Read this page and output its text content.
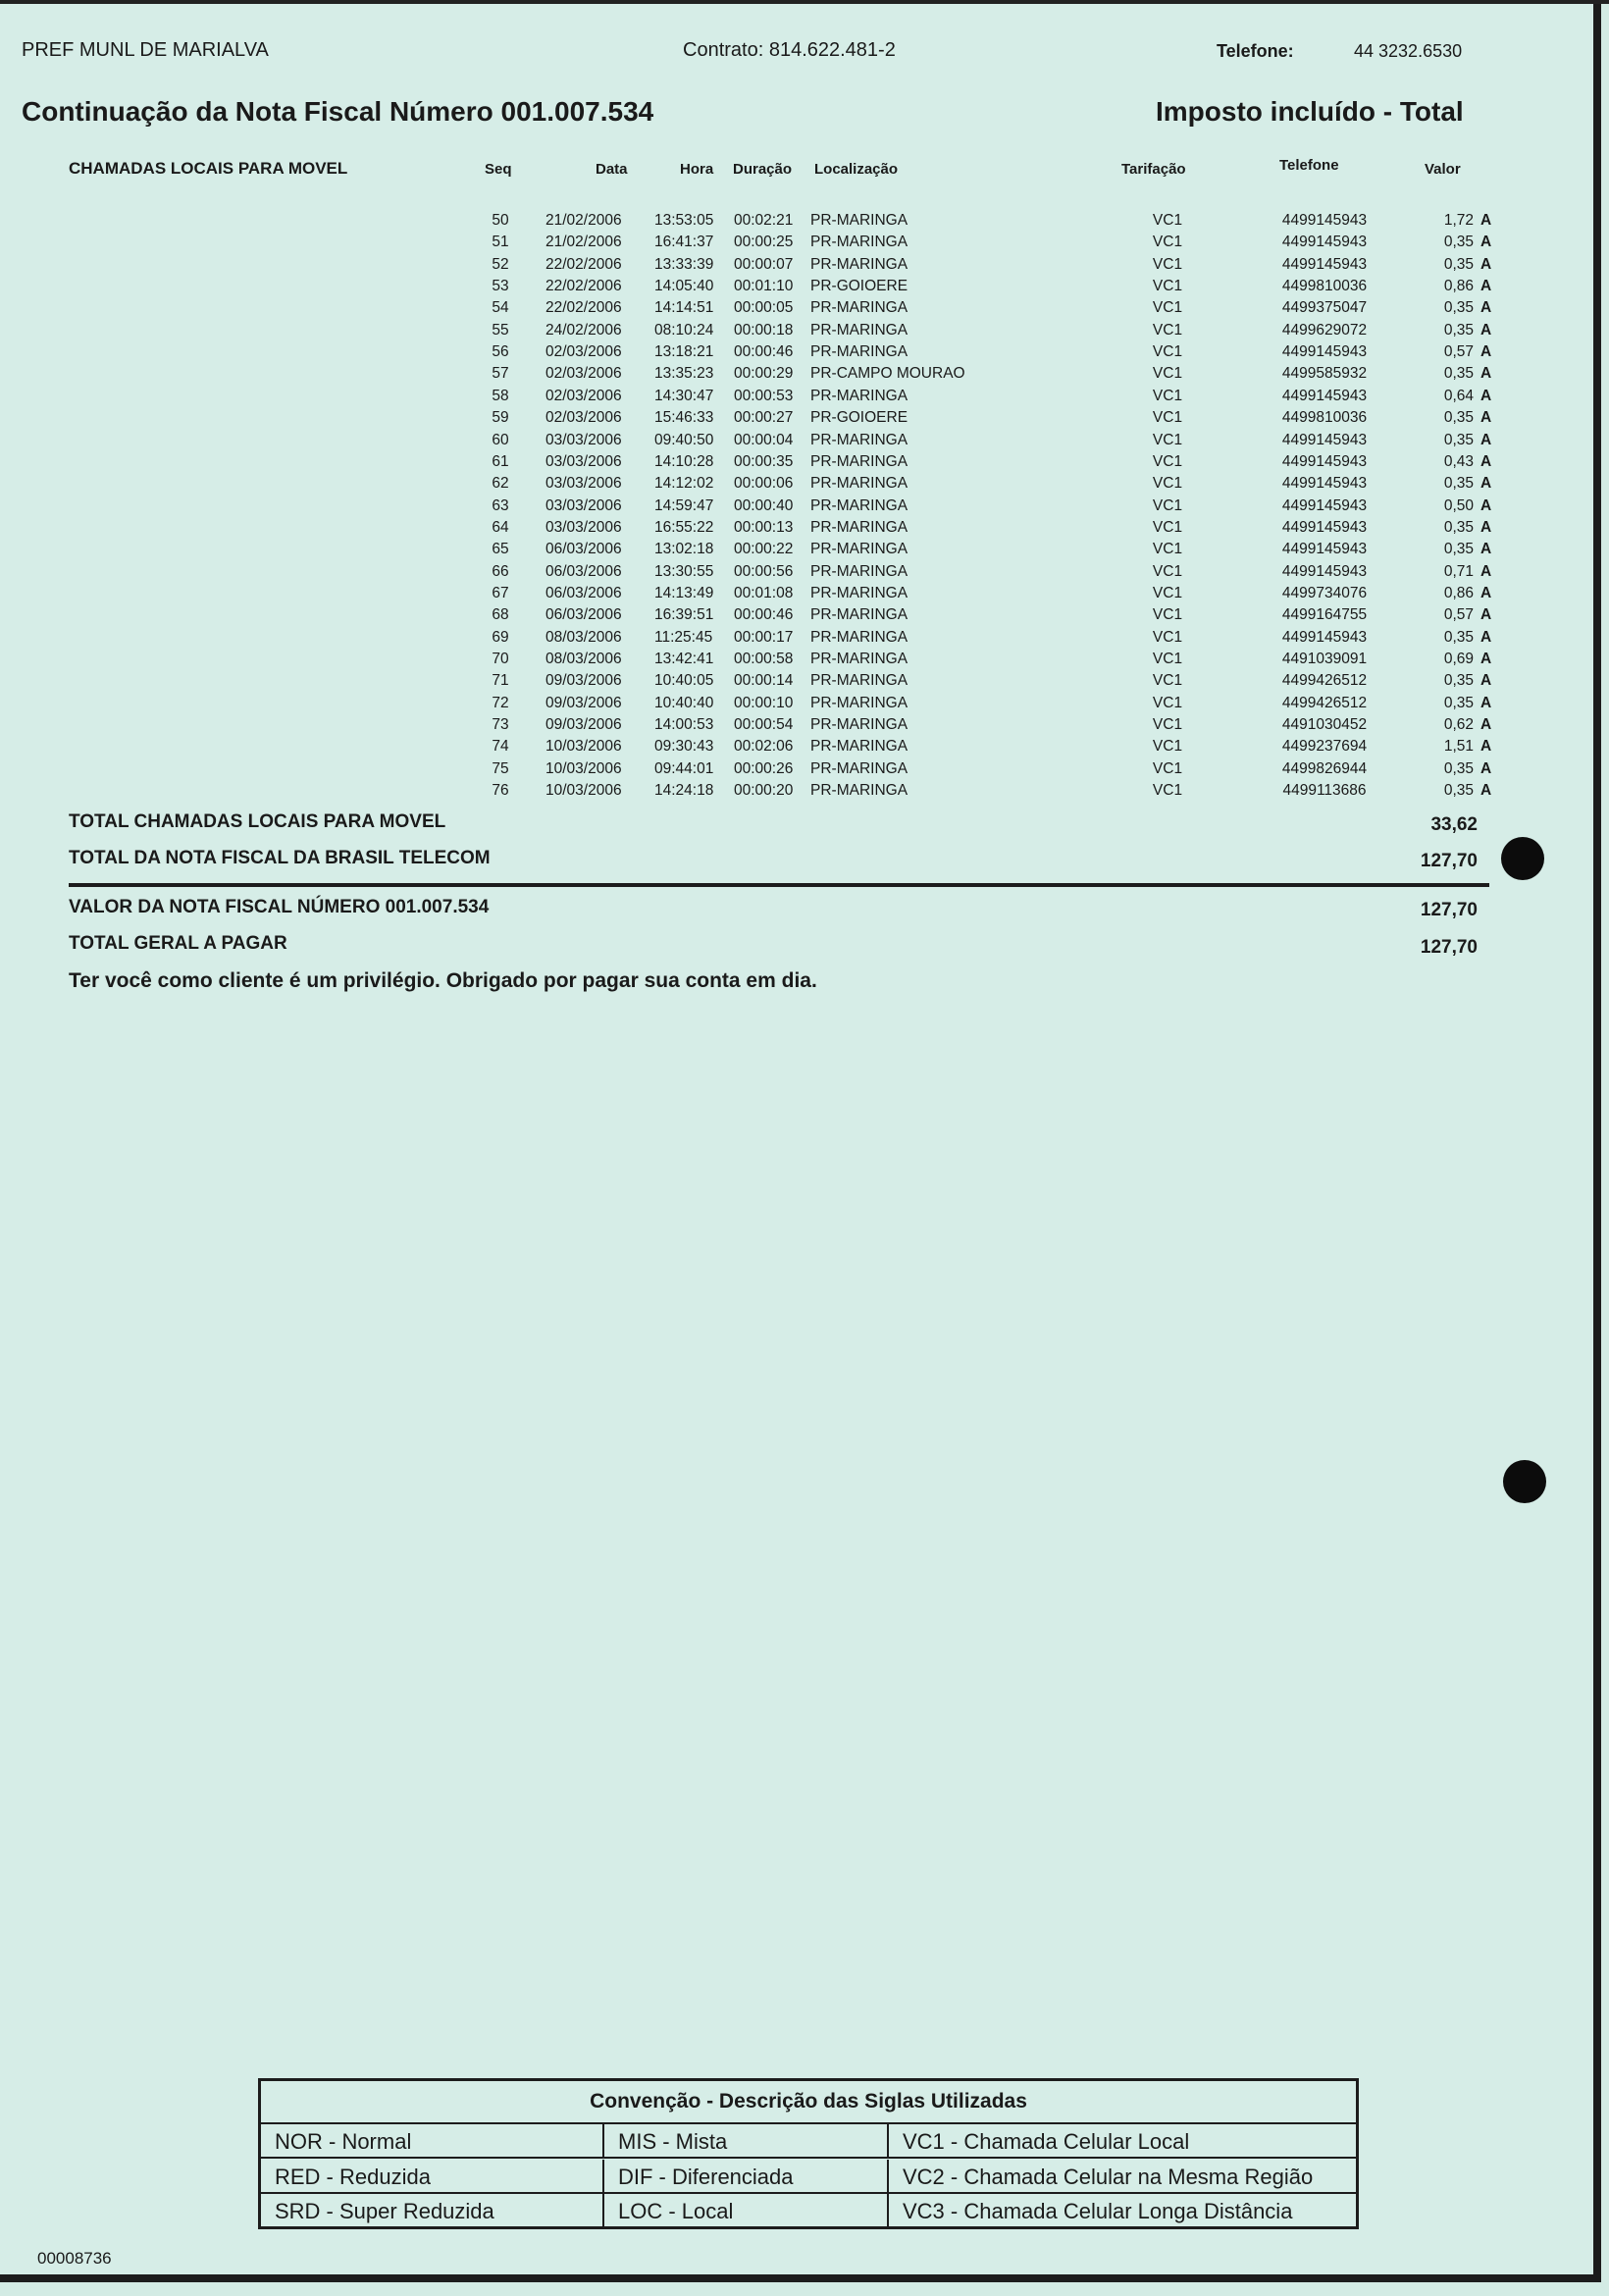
PREF MUNL DE MARIALVA	Contrato: 814.622.481-2	Telefone:	44 3232.6530
Continuação da Nota Fiscal Número 001.007.534	Imposto incluído - Total
CHAMADAS LOCAIS PARA MOVEL	Seq	Data	Hora Duração Localização	Tarifação	Telefone	Valor
50	21/02/2006 13:53:05 00:02:21 PR-MARINGA	VC1	4499145943	1,72 A
51	21/02/2006 16:41:37 00:00:25 PR-MARINGA	VC1	4499145943	0,35 A
52	22/02/2006 13:33:39 00:00:07 PR-MARINGA	VC1	4499145943	0,35 A
53	22/02/2006 14:05:40 00:01:10 PR-GOIOERE	VC1	4499810036	0,86 A
54	22/02/2006 14:14:51 00:00:05 PR-MARINGA	VC1	4499375047	0,35 A
55	24/02/2006 08:10:24 00:00:18 PR-MARINGA	VC1	4499629072	0,35 A
56	02/03/2006 13:18:21 00:00:46 PR-MARINGA	VC1	4499145943	0,57 A
57	02/03/2006 13:35:23 00:00:29 PR-CAMPO MOURAO	VC1	4499585932	0,35 A
58	02/03/2006 14:30:47 00:00:53 PR-MARINGA	VC1	4499145943	0,64 A
59	02/03/2006 15:46:33 00:00:27 PR-GOIOERE	VC1	4499810036	0,35 A
60	03/03/2006 09:40:50 00:00:04 PR-MARINGA	VC1	4499145943	0,35 A
61	03/03/2006 14:10:28 00:00:35 PR-MARINGA	VC1	4499145943	0,43 A
62	03/03/2006 14:12:02 00:00:06 PR-MARINGA	VC1	4499145943	0,35 A
63	03/03/2006 14:59:47 00:00:40 PR-MARINGA	VC1	4499145943	0,50 A
64	03/03/2006 16:55:22 00:00:13 PR-MARINGA	VC1	4499145943	0,35 A
65	06/03/2006 13:02:18 00:00:22 PR-MARINGA	VC1	4499145943	0,35 A
66	06/03/2006 13:30:55 00:00:56 PR-MARINGA	VC1	4499145943	0,71 A
67	06/03/2006 14:13:49 00:01:08 PR-MARINGA	VC1	4499734076	0,86 A
68	06/03/2006 16:39:51 00:00:46 PR-MARINGA	VC1	4499164755	0,57 A
69	08/03/2006 11:25:45 00:00:17 PR-MARINGA	VC1	4499145943	0,35 A
70	08/03/2006 13:42:41 00:00:58 PR-MARINGA	VC1	4491039091	0,69 A
71	09/03/2006 10:40:05 00:00:14 PR-MARINGA	VC1	4499426512	0,35 A
72	09/03/2006 10:40:40 00:00:10 PR-MARINGA	VC1	4499426512	0,35 A
73	09/03/2006 14:00:53 00:00:54 PR-MARINGA	VC1	4491030452	0,62 A
74	10/03/2006 09:30:43 00:02:06 PR-MARINGA	VC1	4499237694	1,51 A
75	10/03/2006 09:44:01 00:00:26 PR-MARINGA	VC1	4499826944	0,35 A
76	10/03/2006 14:24:18 00:00:20 PR-MARINGA	VC1	4499113686	0,35 A
TOTAL CHAMADAS LOCAIS PARA MOVEL	33,62
TOTAL DA NOTA FISCAL DA BRASIL TELECOM	127,70
VALOR DA NOTA FISCAL NÚMERO 001.007.534	127,70
TOTAL GERAL A PAGAR	127,70
Ter você como cliente é um privilégio. Obrigado por pagar sua conta em dia.
Convenção - Descrição das Siglas Utilizadas
NOR - Normal	MIS - Mista	VC1 - Chamada Celular Local
RED - Reduzida	DIF - Diferenciada	VC2 - Chamada Celular na Mesma Região
SRD - Super Reduzida	LOC - Local	VC3 - Chamada Celular Longa Distância
00008736
